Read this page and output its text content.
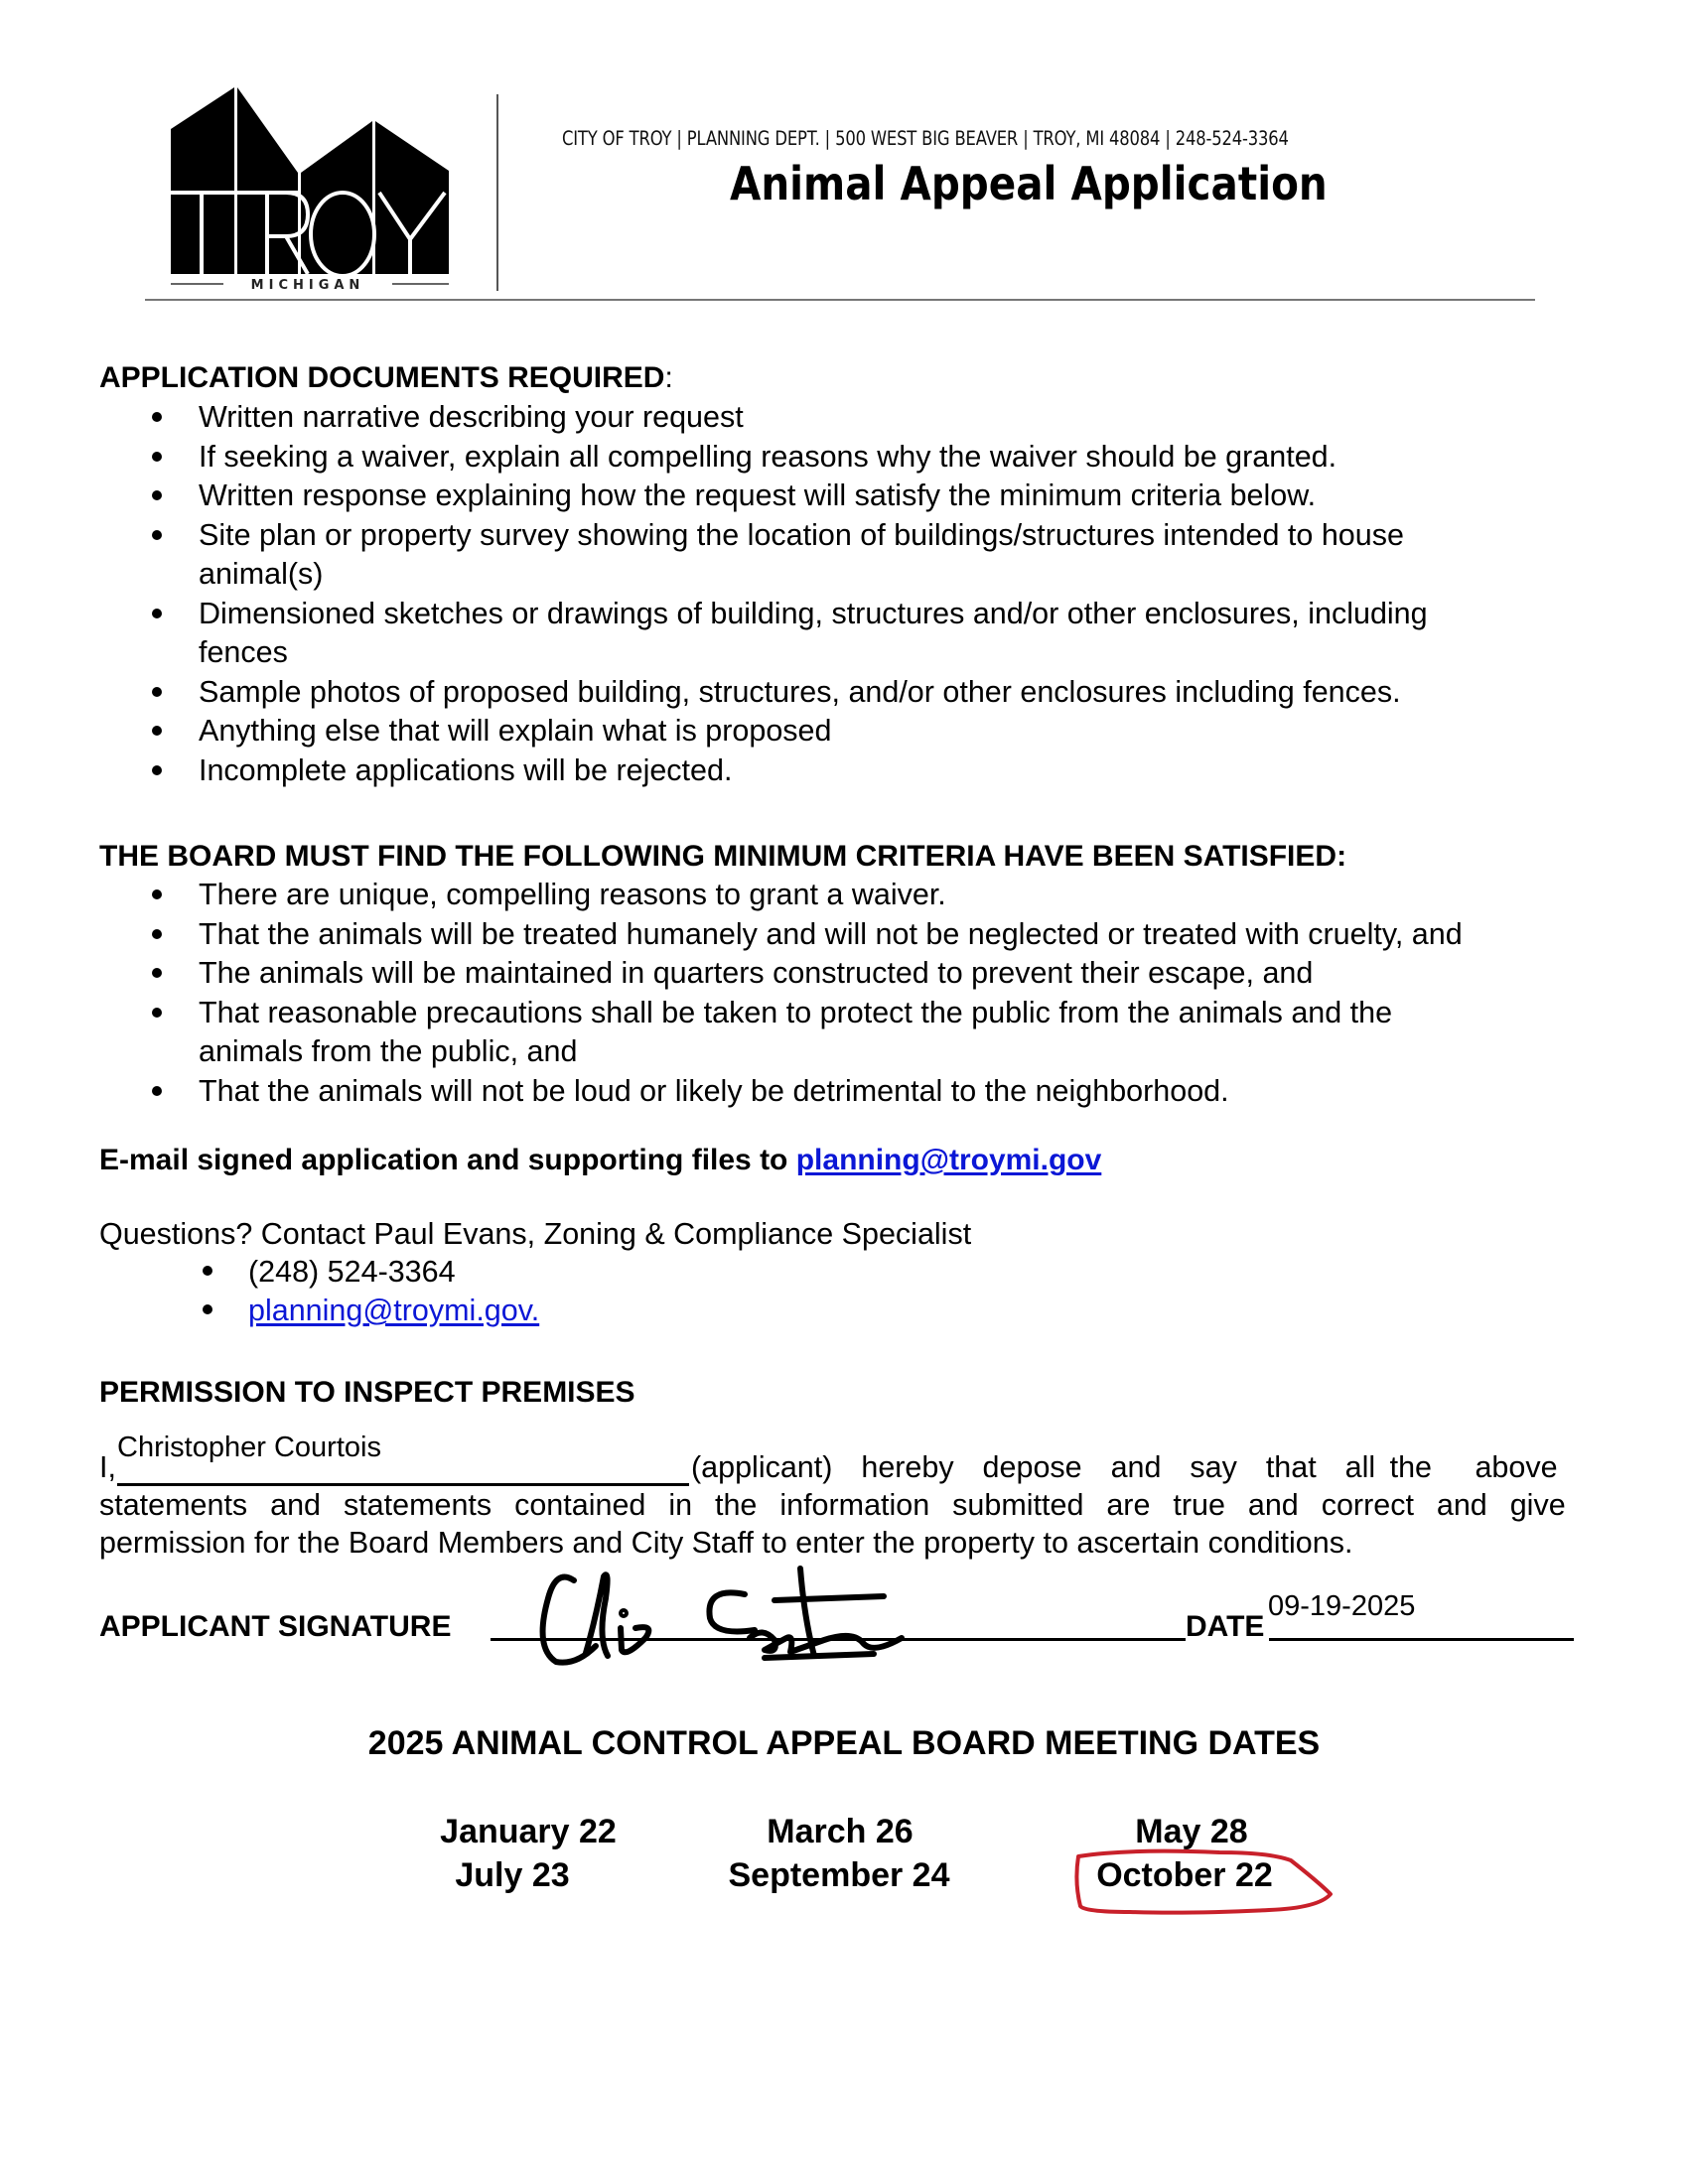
MICHIGAN
CITY OF TROY | PLANNING DEPT. | 500 WEST BIG BEAVER | TROY, MI 48084 | 248-524-3364
Animal Appeal Application
APPLICATION DOCUMENTS REQUIRED:
Written narrative describing your request
If seeking a waiver, explain all compelling reasons why the waiver should be granted.
Written response explaining how the request will satisfy the minimum criteria below.
Site plan or property survey showing the location of buildings/structures intended to house
animal(s)
Dimensioned sketches or drawings of building, structures and/or other enclosures, including
fences
Sample photos of proposed building, structures, and/or other enclosures including fences.
Anything else that will explain what is proposed
Incomplete applications will be rejected.
THE BOARD MUST FIND THE FOLLOWING MINIMUM CRITERIA HAVE BEEN SATISFIED:
There are unique, compelling reasons to grant a waiver.
That the animals will be treated humanely and will not be neglected or treated with cruelty, and
The animals will be maintained in quarters constructed to prevent their escape, and
That reasonable precautions shall be taken to protect the public from the animals and the
animals from the public, and
That the animals will not be loud or likely be detrimental to the neighborhood.
E-mail signed application and supporting files to planning@troymi.gov
Questions? Contact Paul Evans, Zoning & Compliance Specialist
(248) 524-3364
planning@troymi.gov.
PERMISSION TO INSPECT PREMISES
I,
Christopher Courtois
(applicant)  hereby  depose  and  say  that  all the   above
statements  and  statements  contained  in  the  information  submitted  are  true  and  correct  and  give
permission for the Board Members and City Staff to enter the property to ascertain conditions.
APPLICANT SIGNATURE	DATE
09-19-2025
2025 ANIMAL CONTROL APPEAL BOARD MEETING DATES
January 22	March 26	May 28
July 23	September 24	October 22
